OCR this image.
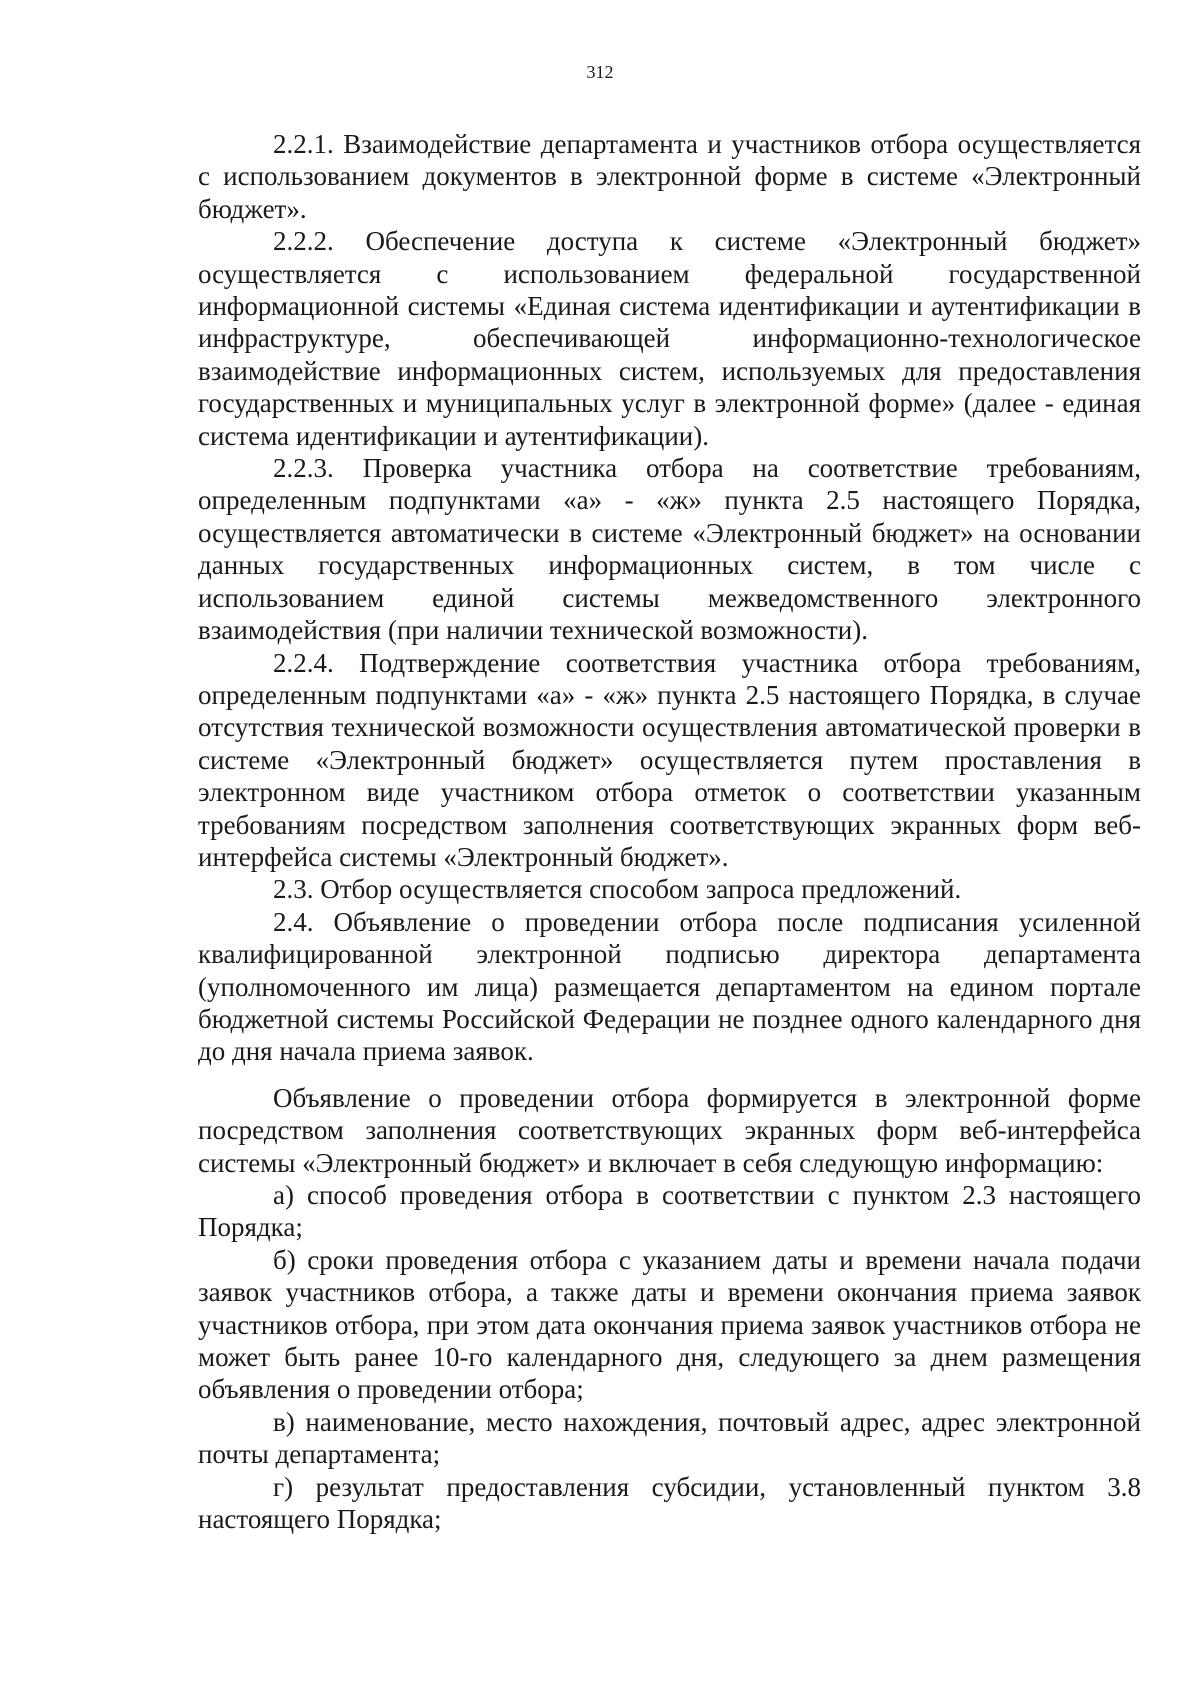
312

2.2.1. Взаимодействие департамента и участников отбора осуществляется с использованием документов в электронной форме в системе «Электронный бюджет».

2.2.2. Обеспечение доступа к системе «Электронный бюджет» осуществляется с использованием федеральной государственной информационной системы «Единая система идентификации и аутентификации в инфраструктуре, обеспечивающей информационно-технологическое взаимодействие информационных систем, используемых для предоставления государственных и муниципальных услуг в электронной форме» (далее - единая система идентификации и аутентификации).

2.2.3. Проверка участника отбора на соответствие требованиям, определенным подпунктами «а» - «ж» пункта 2.5 настоящего Порядка, осуществляется автоматически в системе «Электронный бюджет» на основании данных государственных информационных систем, в том числе с использованием единой системы межведомственного электронного взаимодействия (при наличии технической возможности).

2.2.4. Подтверждение соответствия участника отбора требованиям, определенным подпунктами «а» - «ж» пункта 2.5 настоящего Порядка, в случае отсутствия технической возможности осуществления автоматической проверки в системе «Электронный бюджет» осуществляется путем проставления в электронном виде участником отбора отметок о соответствии указанным требованиям посредством заполнения соответствующих экранных форм веб-интерфейса системы «Электронный бюджет».

2.3. Отбор осуществляется способом запроса предложений.

2.4. Объявление о проведении отбора после подписания усиленной квалифицированной электронной подписью директора департамента (уполномоченного им лица) размещается департаментом на едином портале бюджетной системы Российской Федерации не позднее одного календарного дня до дня начала приема заявок.

Объявление о проведении отбора формируется в электронной форме посредством заполнения соответствующих экранных форм веб-интерфейса системы «Электронный бюджет» и включает в себя следующую информацию:

а) способ проведения отбора в соответствии с пунктом 2.3 настоящего Порядка;

б) сроки проведения отбора с указанием даты и времени начала подачи заявок участников отбора, а также даты и времени окончания приема заявок участников отбора, при этом дата окончания приема заявок участников отбора не может быть ранее 10-го календарного дня, следующего за днем размещения объявления о проведении отбора;

в) наименование, место нахождения, почтовый адрес, адрес электронной почты департамента;

г) результат предоставления субсидии, установленный пунктом 3.8 настоящего Порядка;
